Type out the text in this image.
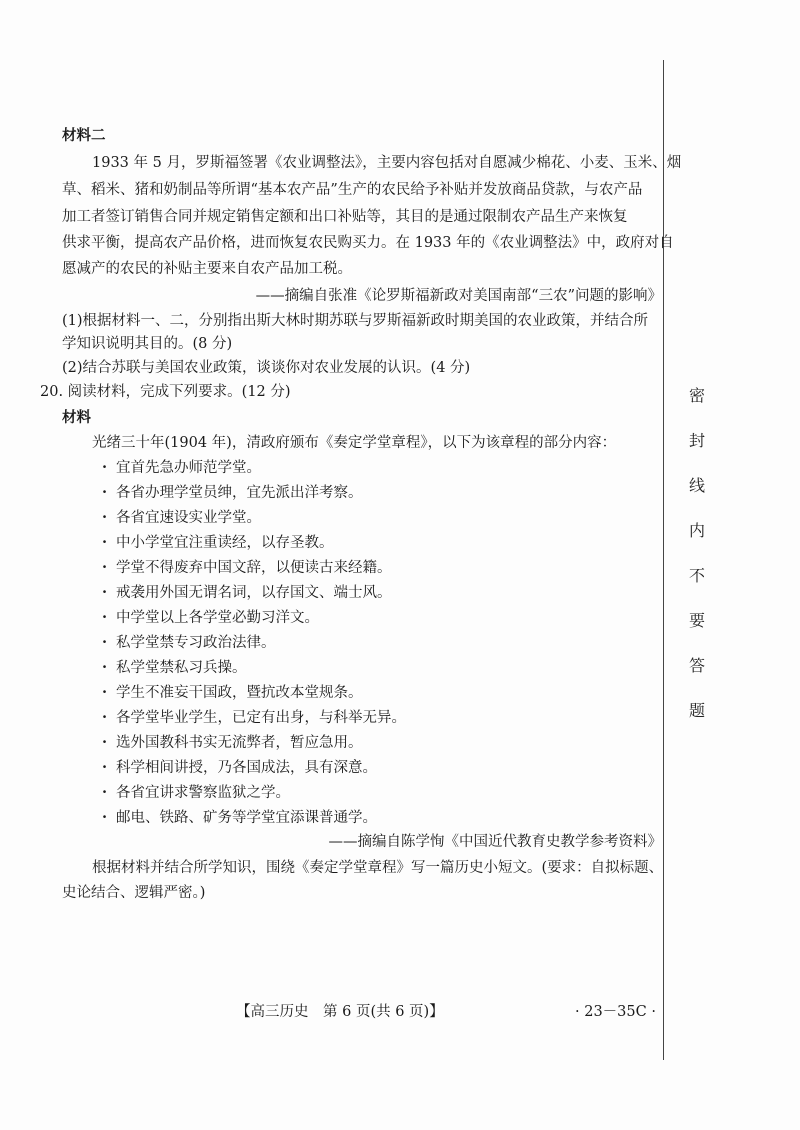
密
封
线
内
不
要
答
题
材料二
1933 年 5 月，罗斯福签署《农业调整法》，主要内容包括对自愿减少棉花、小麦、玉米、烟
草、稻米、猪和奶制品等所谓“基本农产品”生产的农民给予补贴并发放商品贷款，与农产品
加工者签订销售合同并规定销售定额和出口补贴等，其目的是通过限制农产品生产来恢复
供求平衡，提高农产品价格，进而恢复农民购买力。在 1933 年的《农业调整法》中，政府对自
愿减产的农民的补贴主要来自农产品加工税。
——摘编自张准《论罗斯福新政对美国南部“三农”问题的影响》
(1)根据材料一、二，分别指出斯大林时期苏联与罗斯福新政时期美国的农业政策，并结合所
学知识说明其目的。(8 分)
(2)结合苏联与美国农业政策，谈谈你对农业发展的认识。(4 分)
20. 阅读材料，完成下列要求。(12 分)
材料
光绪三十年(1904 年)，清政府颁布《奏定学堂章程》，以下为该章程的部分内容：
· 宜首先急办师范学堂。
· 各省办理学堂员绅，宜先派出洋考察。
· 各省宜速设实业学堂。
· 中小学堂宜注重读经，以存圣教。
· 学堂不得废弃中国文辞，以便读古来经籍。
· 戒袭用外国无谓名词，以存国文、端士风。
· 中学堂以上各学堂必勤习洋文。
· 私学堂禁专习政治法律。
· 私学堂禁私习兵操。
· 学生不准妄干国政，暨抗改本堂规条。
· 各学堂毕业学生，已定有出身，与科举无异。
· 选外国教科书实无流弊者，暂应急用。
· 科学相间讲授，乃各国成法，具有深意。
· 各省宜讲求警察监狱之学。
· 邮电、铁路、矿务等学堂宜添课普通学。
——摘编自陈学恂《中国近代教育史教学参考资料》
根据材料并结合所学知识，围绕《奏定学堂章程》写一篇历史小短文。(要求：自拟标题、
史论结合、逻辑严密。)
【高三历史　第 6 页(共 6 页)】	· 23－35C ·
